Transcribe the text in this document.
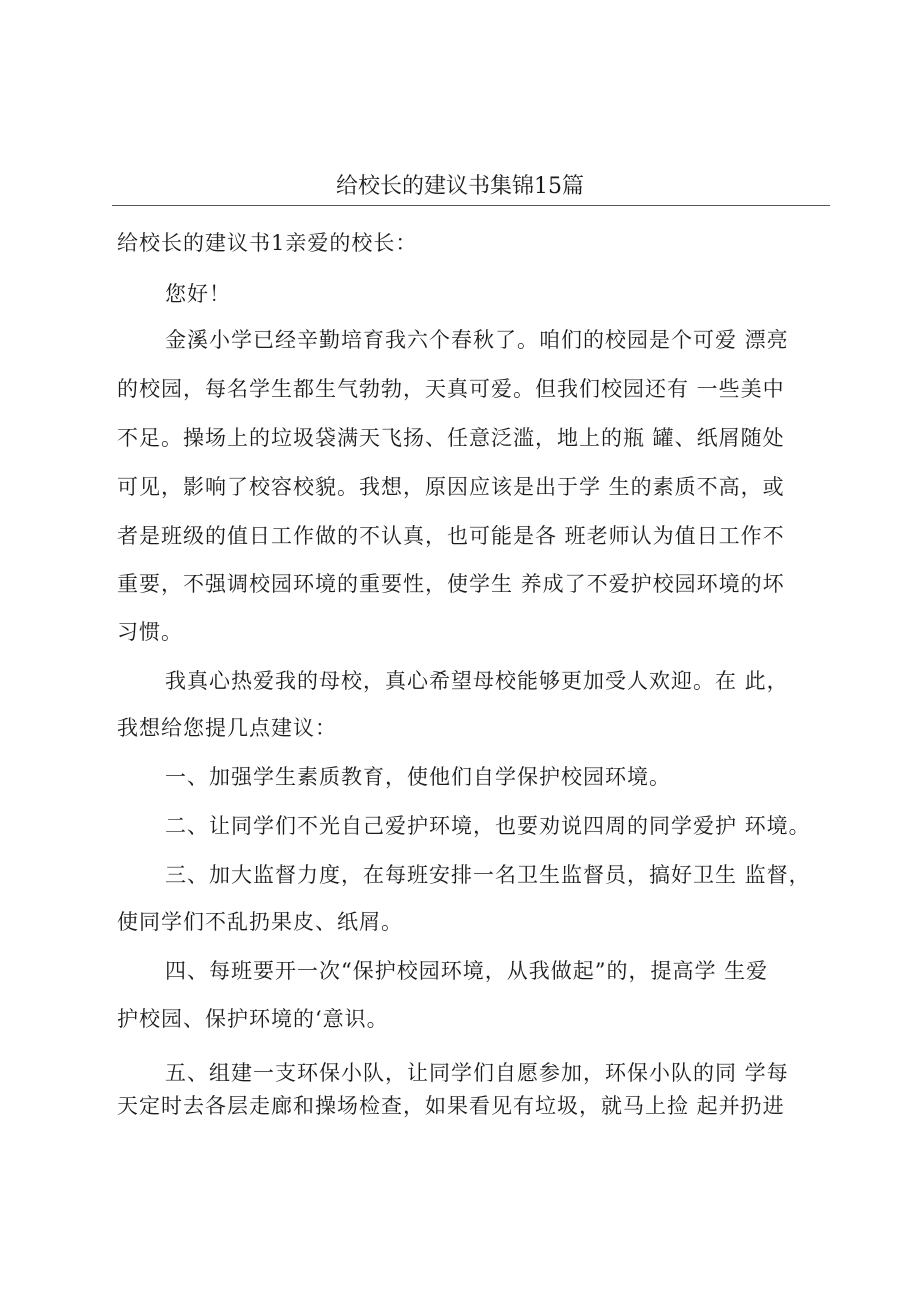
给校长的建议书集锦15篇
给校长的建议书1亲爱的校长：
您好！
金溪小学已经辛勤培育我六个春秋了。咱们的校园是个可爱 漂亮
的校园，每名学生都生气勃勃，天真可爱。但我们校园还有 一些美中
不足。操场上的垃圾袋满天飞扬、任意泛滥，地上的瓶 罐、纸屑随处
可见，影响了校容校貌。我想，原因应该是出于学 生的素质不高，或
者是班级的值日工作做的不认真，也可能是各 班老师认为值日工作不
重要，不强调校园环境的重要性，使学生 养成了不爱护校园环境的坏
习惯。
我真心热爱我的母校，真心希望母校能够更加受人欢迎。在 此，
我想给您提几点建议：
一、加强学生素质教育，使他们自学保护校园环境。
二、让同学们不光自己爱护环境，也要劝说四周的同学爱护 环境。
三、加大监督力度，在每班安排一名卫生监督员，搞好卫生 监督，
使同学们不乱扔果皮、纸屑。
四、每班要开一次“保护校园环境，从我做起”的，提高学 生爱
护校园、保护环境的‘意识。
五、组建一支环保小队，让同学们自愿参加，环保小队的同 学每
天定时去各层走廊和操场检查，如果看见有垃圾，就马上捡 起并扔进
